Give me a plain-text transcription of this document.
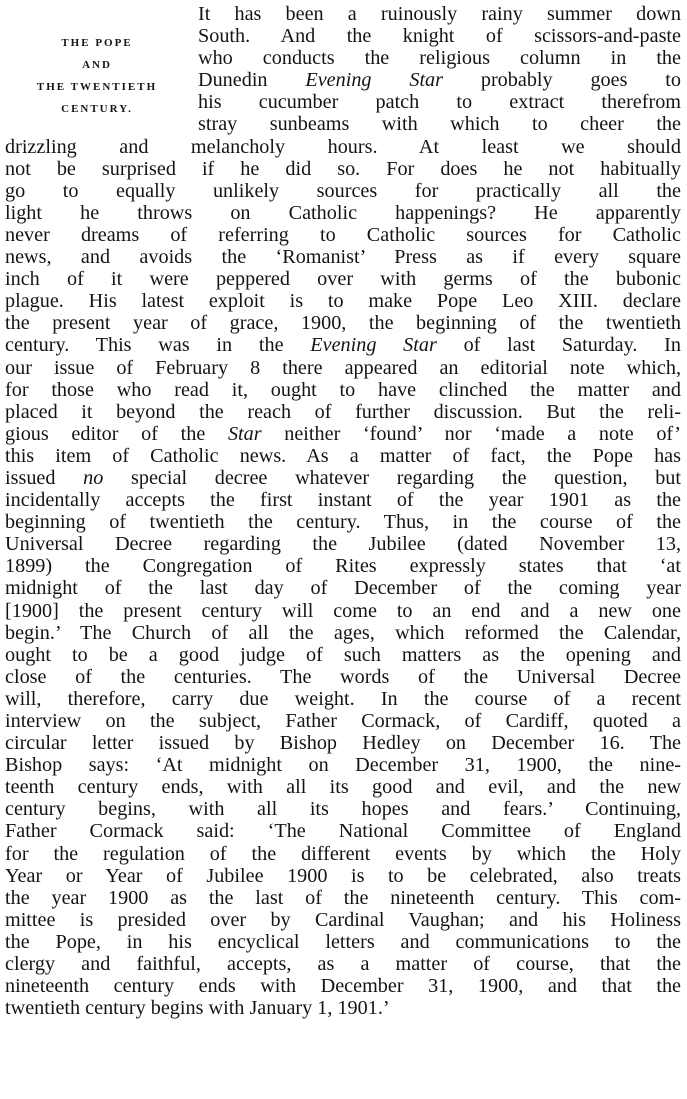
THE POPE
AND
THE TWENTIETH
CENTURY.
It has been a ruinously rainy summer down
South. And the knight of scissors-and-paste
who conducts the religious column in the
Dunedin Evening Star probably goes to
his cucumber patch to extract therefrom
stray sunbeams with which to cheer the
drizzling and melancholy hours. At least we should
not be surprised if he did so. For does he not habitually
go to equally unlikely sources for practically all the
light he throws on Catholic happenings? He apparently
never dreams of referring to Catholic sources for Catholic
news, and avoids the ‘Romanist’ Press as if every square
inch of it were peppered over with germs of the bubonic
plague. His latest exploit is to make Pope Leo XIII. declare
the present year of grace, 1900, the beginning of the twentieth
century. This was in the Evening Star of last Saturday. In
our issue of February 8 there appeared an editorial note which,
for those who read it, ought to have clinched the matter and
placed it beyond the reach of further discussion. But the reli-
gious editor of the Star neither ‘found’ nor ‘made a note of’
this item of Catholic news. As a matter of fact, the Pope has
issued no special decree whatever regarding the question, but
incidentally accepts the first instant of the year 1901 as the
beginning of twentieth the century. Thus, in the course of the
Universal Decree regarding the Jubilee (dated November 13,
1899) the Congregation of Rites expressly states that ‘at
midnight of the last day of December of the coming year
[1900] the present century will come to an end and a new one
begin.’ The Church of all the ages, which reformed the Calendar,
ought to be a good judge of such matters as the opening and
close of the centuries. The words of the Universal Decree
will, therefore, carry due weight. In the course of a recent
interview on the subject, Father Cormack, of Cardiff, quoted a
circular letter issued by Bishop Hedley on December 16. The
Bishop says: ‘At midnight on December 31, 1900, the nine-
teenth century ends, with all its good and evil, and the new
century begins, with all its hopes and fears.’ Continuing,
Father Cormack said: ‘The National Committee of England
for the regulation of the different events by which the Holy
Year or Year of Jubilee 1900 is to be celebrated, also treats
the year 1900 as the last of the nineteenth century. This com-
mittee is presided over by Cardinal Vaughan; and his Holiness
the Pope, in his encyclical letters and communications to the
clergy and faithful, accepts, as a matter of course, that the
nineteenth century ends with December 31, 1900, and that the
twentieth century begins with January 1, 1901.’
